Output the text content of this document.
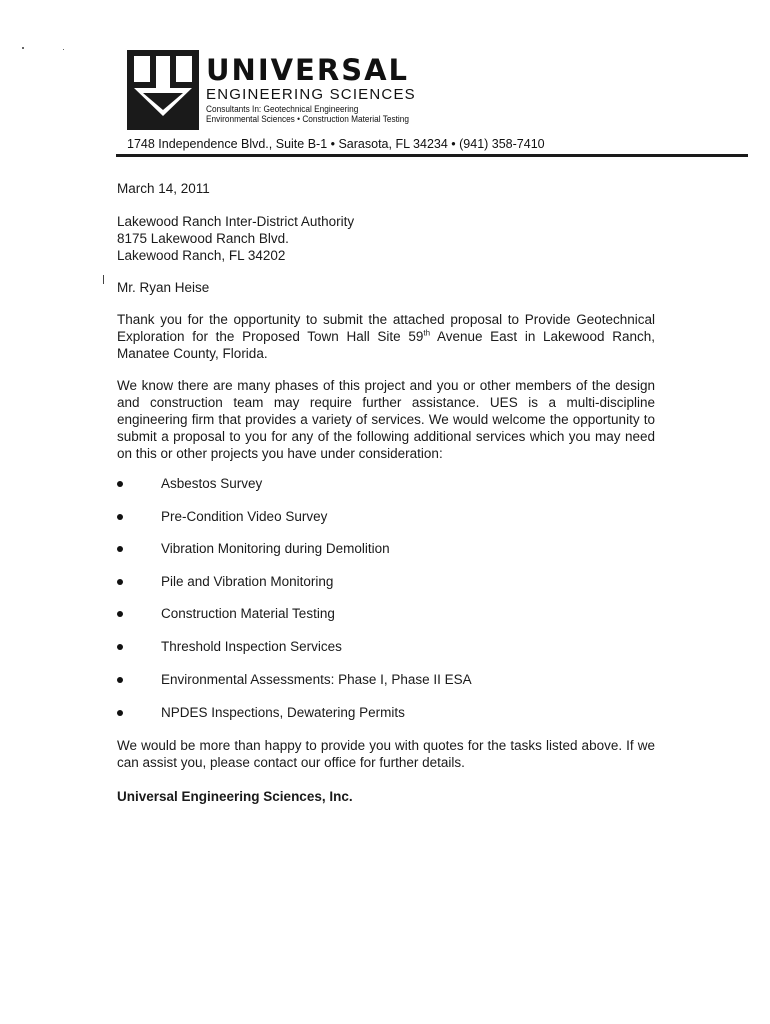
UNIVERSAL
ENGINEERING SCIENCES
Consultants In: Geotechnical Engineering
Environmental Sciences • Construction Material Testing
1748 Independence Blvd., Suite B-1 • Sarasota, FL 34234 • (941) 358-7410
March 14, 2011
Lakewood Ranch Inter-District Authority
8175 Lakewood Ranch Blvd.
Lakewood Ranch, FL 34202
Mr. Ryan Heise
Thank you for the opportunity to submit the attached proposal to Provide Geotechnical Exploration for the Proposed Town Hall Site 59th Avenue East in Lakewood Ranch, Manatee County, Florida.
We know there are many phases of this project and you or other members of the design and construction team may require further assistance. UES is a multi-discipline engineering firm that provides a variety of services. We would welcome the opportunity to submit a proposal to you for any of the following additional services which you may need on this or other projects you have under consideration:
Asbestos Survey
Pre-Condition Video Survey
Vibration Monitoring during Demolition
Pile and Vibration Monitoring
Construction Material Testing
Threshold Inspection Services
Environmental Assessments: Phase I, Phase II ESA
NPDES Inspections, Dewatering Permits
We would be more than happy to provide you with quotes for the tasks listed above. If we can assist you, please contact our office for further details.
Universal Engineering Sciences, Inc.
